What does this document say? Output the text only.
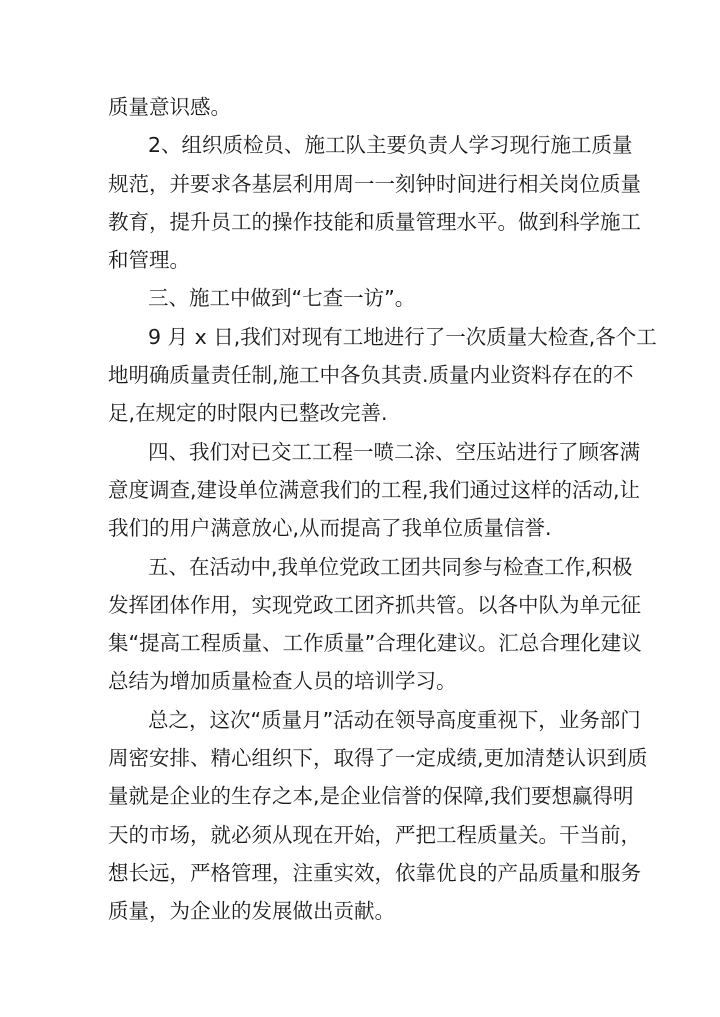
质量意识感。
2、组织质检员、施工队主要负责人学习现行施工质量
规范，并要求各基层利用周一一刻钟时间进行相关岗位质量
教育，提升员工的操作技能和质量管理水平。做到科学施工
和管理。
三、施工中做到“七查一访”。
9 月 x 日,我们对现有工地进行了一次质量大检查,各个工
地明确质量责任制,施工中各负其责.质量内业资料存在的不
足,在规定的时限内已整改完善.
四、我们对已交工工程一喷二涂、空压站进行了顾客满
意度调查,建设单位满意我们的工程,我们通过这样的活动,让
我们的用户满意放心,从而提高了我单位质量信誉.
五、在活动中,我单位党政工团共同参与检查工作,积极
发挥团体作用，实现党政工团齐抓共管。以各中队为单元征
集“提高工程质量、工作质量”合理化建议。汇总合理化建议
总结为增加质量检查人员的培训学习。
总之，这次“质量月”活动在领导高度重视下，业务部门
周密安排、精心组织下，取得了一定成绩,更加清楚认识到质
量就是企业的生存之本,是企业信誉的保障,我们要想赢得明
天的市场，就必须从现在开始，严把工程质量关。干当前，
想长远，严格管理，注重实效，依靠优良的产品质量和服务
质量，为企业的发展做出贡献。
